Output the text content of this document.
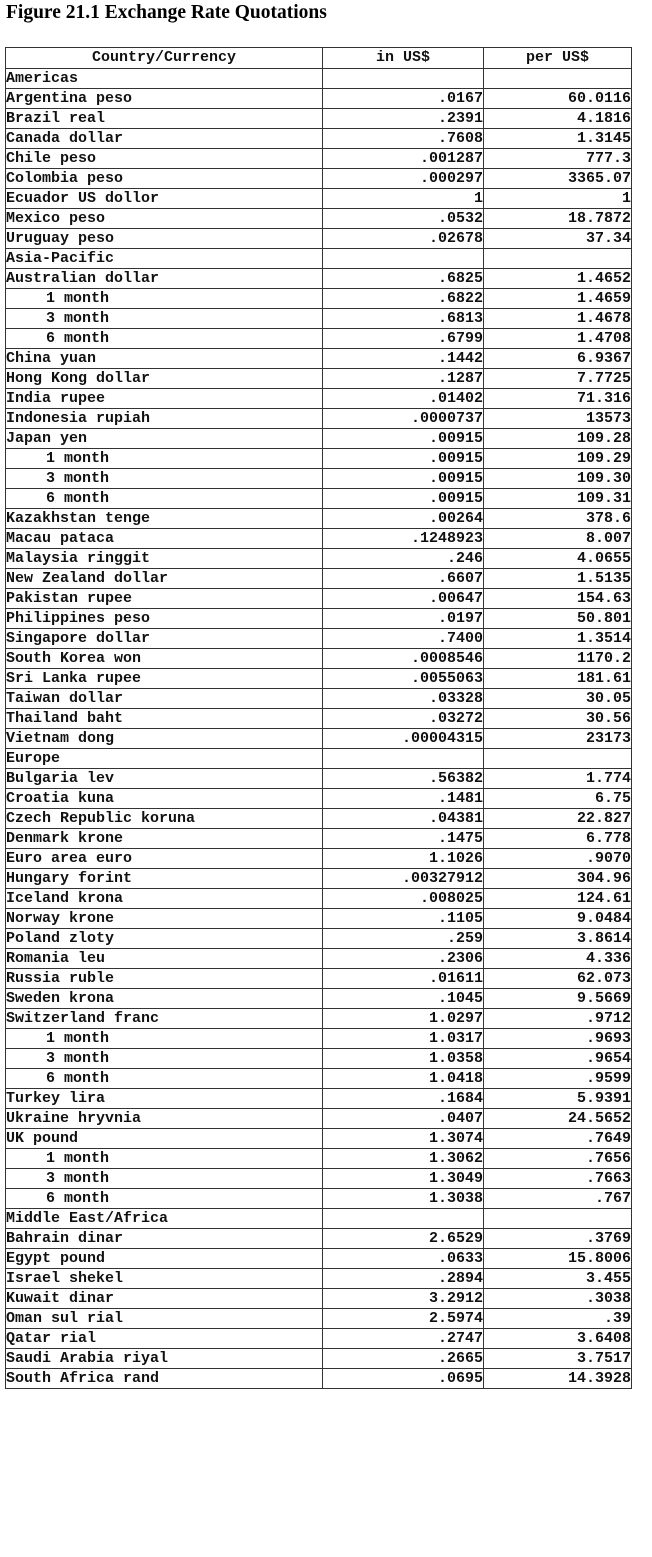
Figure 21.1 Exchange Rate Quotations
Country/Currency	in US$	per US$
Americas		
Argentina peso	.0167	60.0116
Brazil real	.2391	4.1816
Canada dollar	.7608	1.3145
Chile peso	.001287	777.3
Colombia peso	.000297	3365.07
Ecuador US dollor	1	1
Mexico peso	.0532	18.7872
Uruguay peso	.02678	37.34
Asia-Pacific		
Australian dollar	.6825	1.4652
1 month	.6822	1.4659
3 month	.6813	1.4678
6 month	.6799	1.4708
China yuan	.1442	6.9367
Hong Kong dollar	.1287	7.7725
India rupee	.01402	71.316
Indonesia rupiah	.0000737	13573
Japan yen	.00915	109.28
1 month	.00915	109.29
3 month	.00915	109.30
6 month	.00915	109.31
Kazakhstan tenge	.00264	378.6
Macau pataca	.1248923	8.007
Malaysia ringgit	.246	4.0655
New Zealand dollar	.6607	1.5135
Pakistan rupee	.00647	154.63
Philippines peso	.0197	50.801
Singapore dollar	.7400	1.3514
South Korea won	.0008546	1170.2
Sri Lanka rupee	.0055063	181.61
Taiwan dollar	.03328	30.05
Thailand baht	.03272	30.56
Vietnam dong	.00004315	23173
Europe		
Bulgaria lev	.56382	1.774
Croatia kuna	.1481	6.75
Czech Republic koruna	.04381	22.827
Denmark krone	.1475	6.778
Euro area euro	1.1026	.9070
Hungary forint	.00327912	304.96
Iceland krona	.008025	124.61
Norway krone	.1105	9.0484
Poland zloty	.259	3.8614
Romania leu	.2306	4.336
Russia ruble	.01611	62.073
Sweden krona	.1045	9.5669
Switzerland franc	1.0297	.9712
1 month	1.0317	.9693
3 month	1.0358	.9654
6 month	1.0418	.9599
Turkey lira	.1684	5.9391
Ukraine hryvnia	.0407	24.5652
UK pound	1.3074	.7649
1 month	1.3062	.7656
3 month	1.3049	.7663
6 month	1.3038	.767
Middle East/Africa		
Bahrain dinar	2.6529	.3769
Egypt pound	.0633	15.8006
Israel shekel	.2894	3.455
Kuwait dinar	3.2912	.3038
Oman sul rial	2.5974	.39
Qatar rial	.2747	3.6408
Saudi Arabia riyal	.2665	3.7517
South Africa rand	.0695	14.3928
